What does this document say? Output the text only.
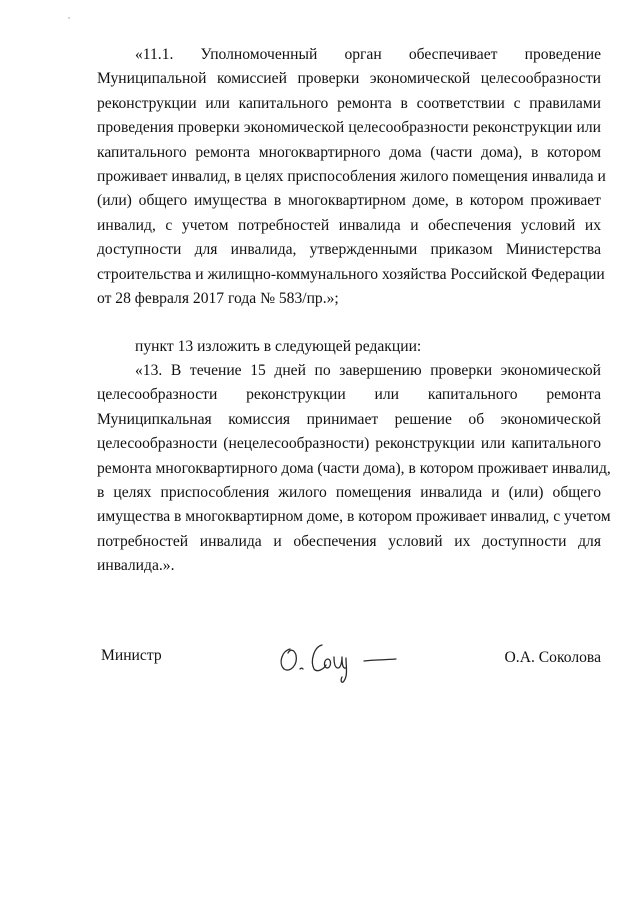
«11.1. Уполномоченный орган обеспечивает проведение
Муниципальной комиссией проверки экономической целесообразности
реконструкции или капитального ремонта в соответствии с правилами
проведения проверки экономической целесообразности реконструкции или
капитального ремонта многоквартирного дома (части дома), в котором
проживает инвалид, в целях приспособления жилого помещения инвалида и
(или) общего имущества в многоквартирном доме, в котором проживает
инвалид, с учетом потребностей инвалида и обеспечения условий их
доступности для инвалида, утвержденными приказом Министерства
строительства и жилищно-коммунального хозяйства Российской Федерации
от 28 февраля 2017 года № 583/пр.»;
пункт 13 изложить в следующей редакции:
«13. В течение 15 дней по завершению проверки экономической
целесообразности реконструкции или капитального ремонта
Муниципкальная комиссия принимает решение об экономической
целесообразности (нецелесообразности) реконструкции или капитального
ремонта многоквартирного дома (части дома), в котором проживает инвалид,
в целях приспособления жилого помещения инвалида и (или) общего
имущества в многоквартирном доме, в котором проживает инвалид, с учетом
потребностей инвалида и обеспечения условий их доступности для
инвалида.».
Министр	О.А. Соколова
